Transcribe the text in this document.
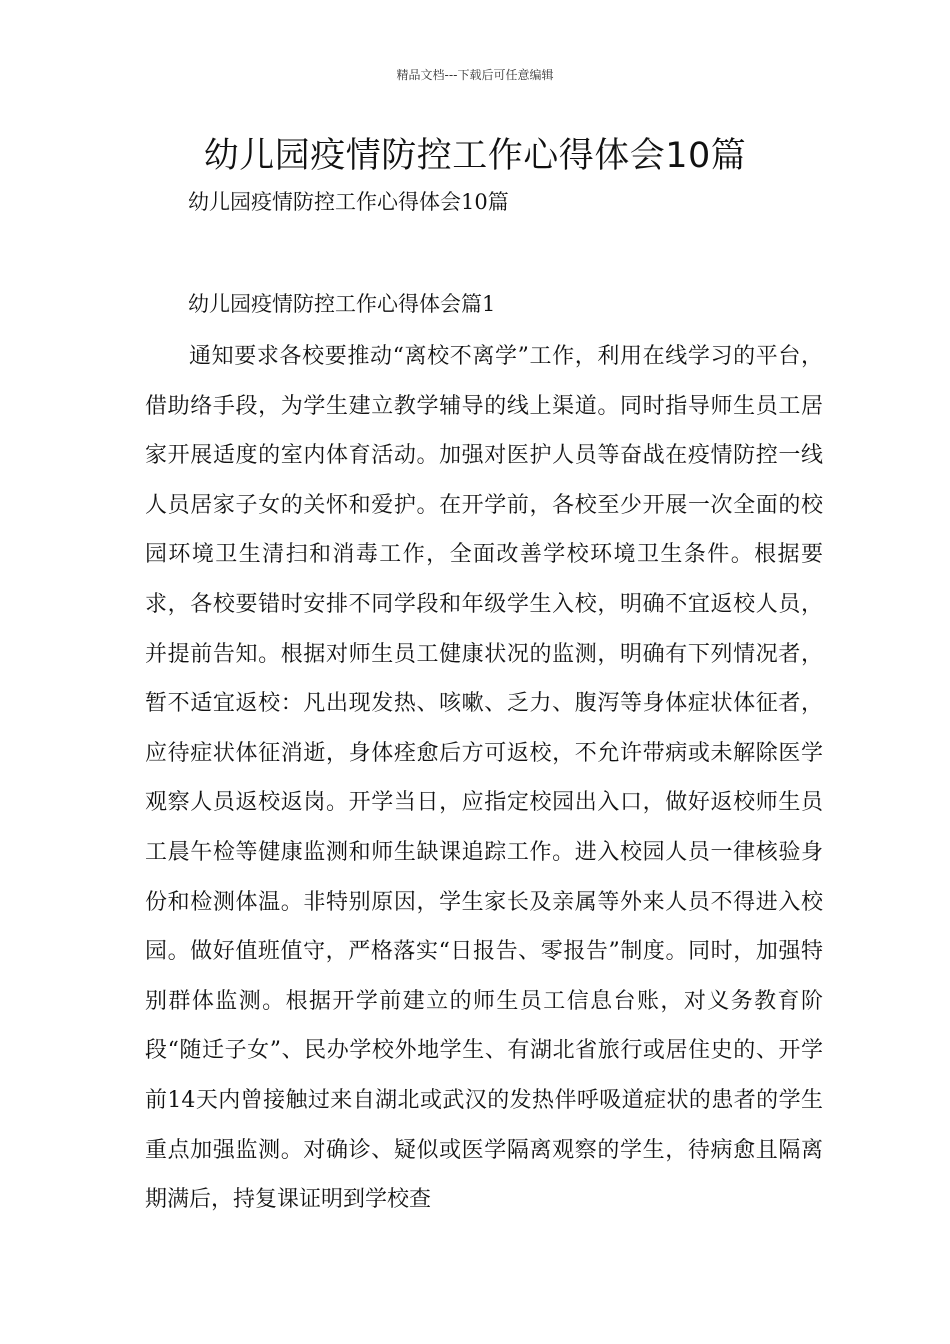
精品文档---下载后可任意编辑
幼儿园疫情防控工作心得体会10篇
幼儿园疫情防控工作心得体会10篇
幼儿园疫情防控工作心得体会篇1

通知要求各校要推动“离校不离学”工作，利用在线学习的平台，借助络手段，为学生建立教学辅导的线上渠道。同时指导师生员工居家开展适度的室内体育活动。加强对医护人员等奋战在疫情防控一线人员居家子女的关怀和爱护。在开学前，各校至少开展一次全面的校园环境卫生清扫和消毒工作，全面改善学校环境卫生条件。根据要求，各校要错时安排不同学段和年级学生入校，明确不宜返校人员，并提前告知。根据对师生员工健康状况的监测，明确有下列情况者，暂不适宜返校：凡出现发热、咳嗽、乏力、腹泻等身体症状体征者，应待症状体征消逝，身体痊愈后方可返校，不允许带病或未解除医学观察人员返校返岗。开学当日，应指定校园出入口，做好返校师生员工晨午检等健康监测和师生缺课追踪工作。进入校园人员一律核验身份和检测体温。非特别原因，学生家长及亲属等外来人员不得进入校园。做好值班值守，严格落实“日报告、零报告”制度。同时，加强特别群体监测。根据开学前建立的师生员工信息台账，对义务教育阶段“随迁子女”、民办学校外地学生、有湖北省旅行或居住史的、开学前14天内曾接触过来自湖北或武汉的发热伴呼吸道症状的患者的学生重点加强监测。对确诊、疑似或医学隔离观察的学生，待病愈且隔离期满后，持复课证明到学校查
